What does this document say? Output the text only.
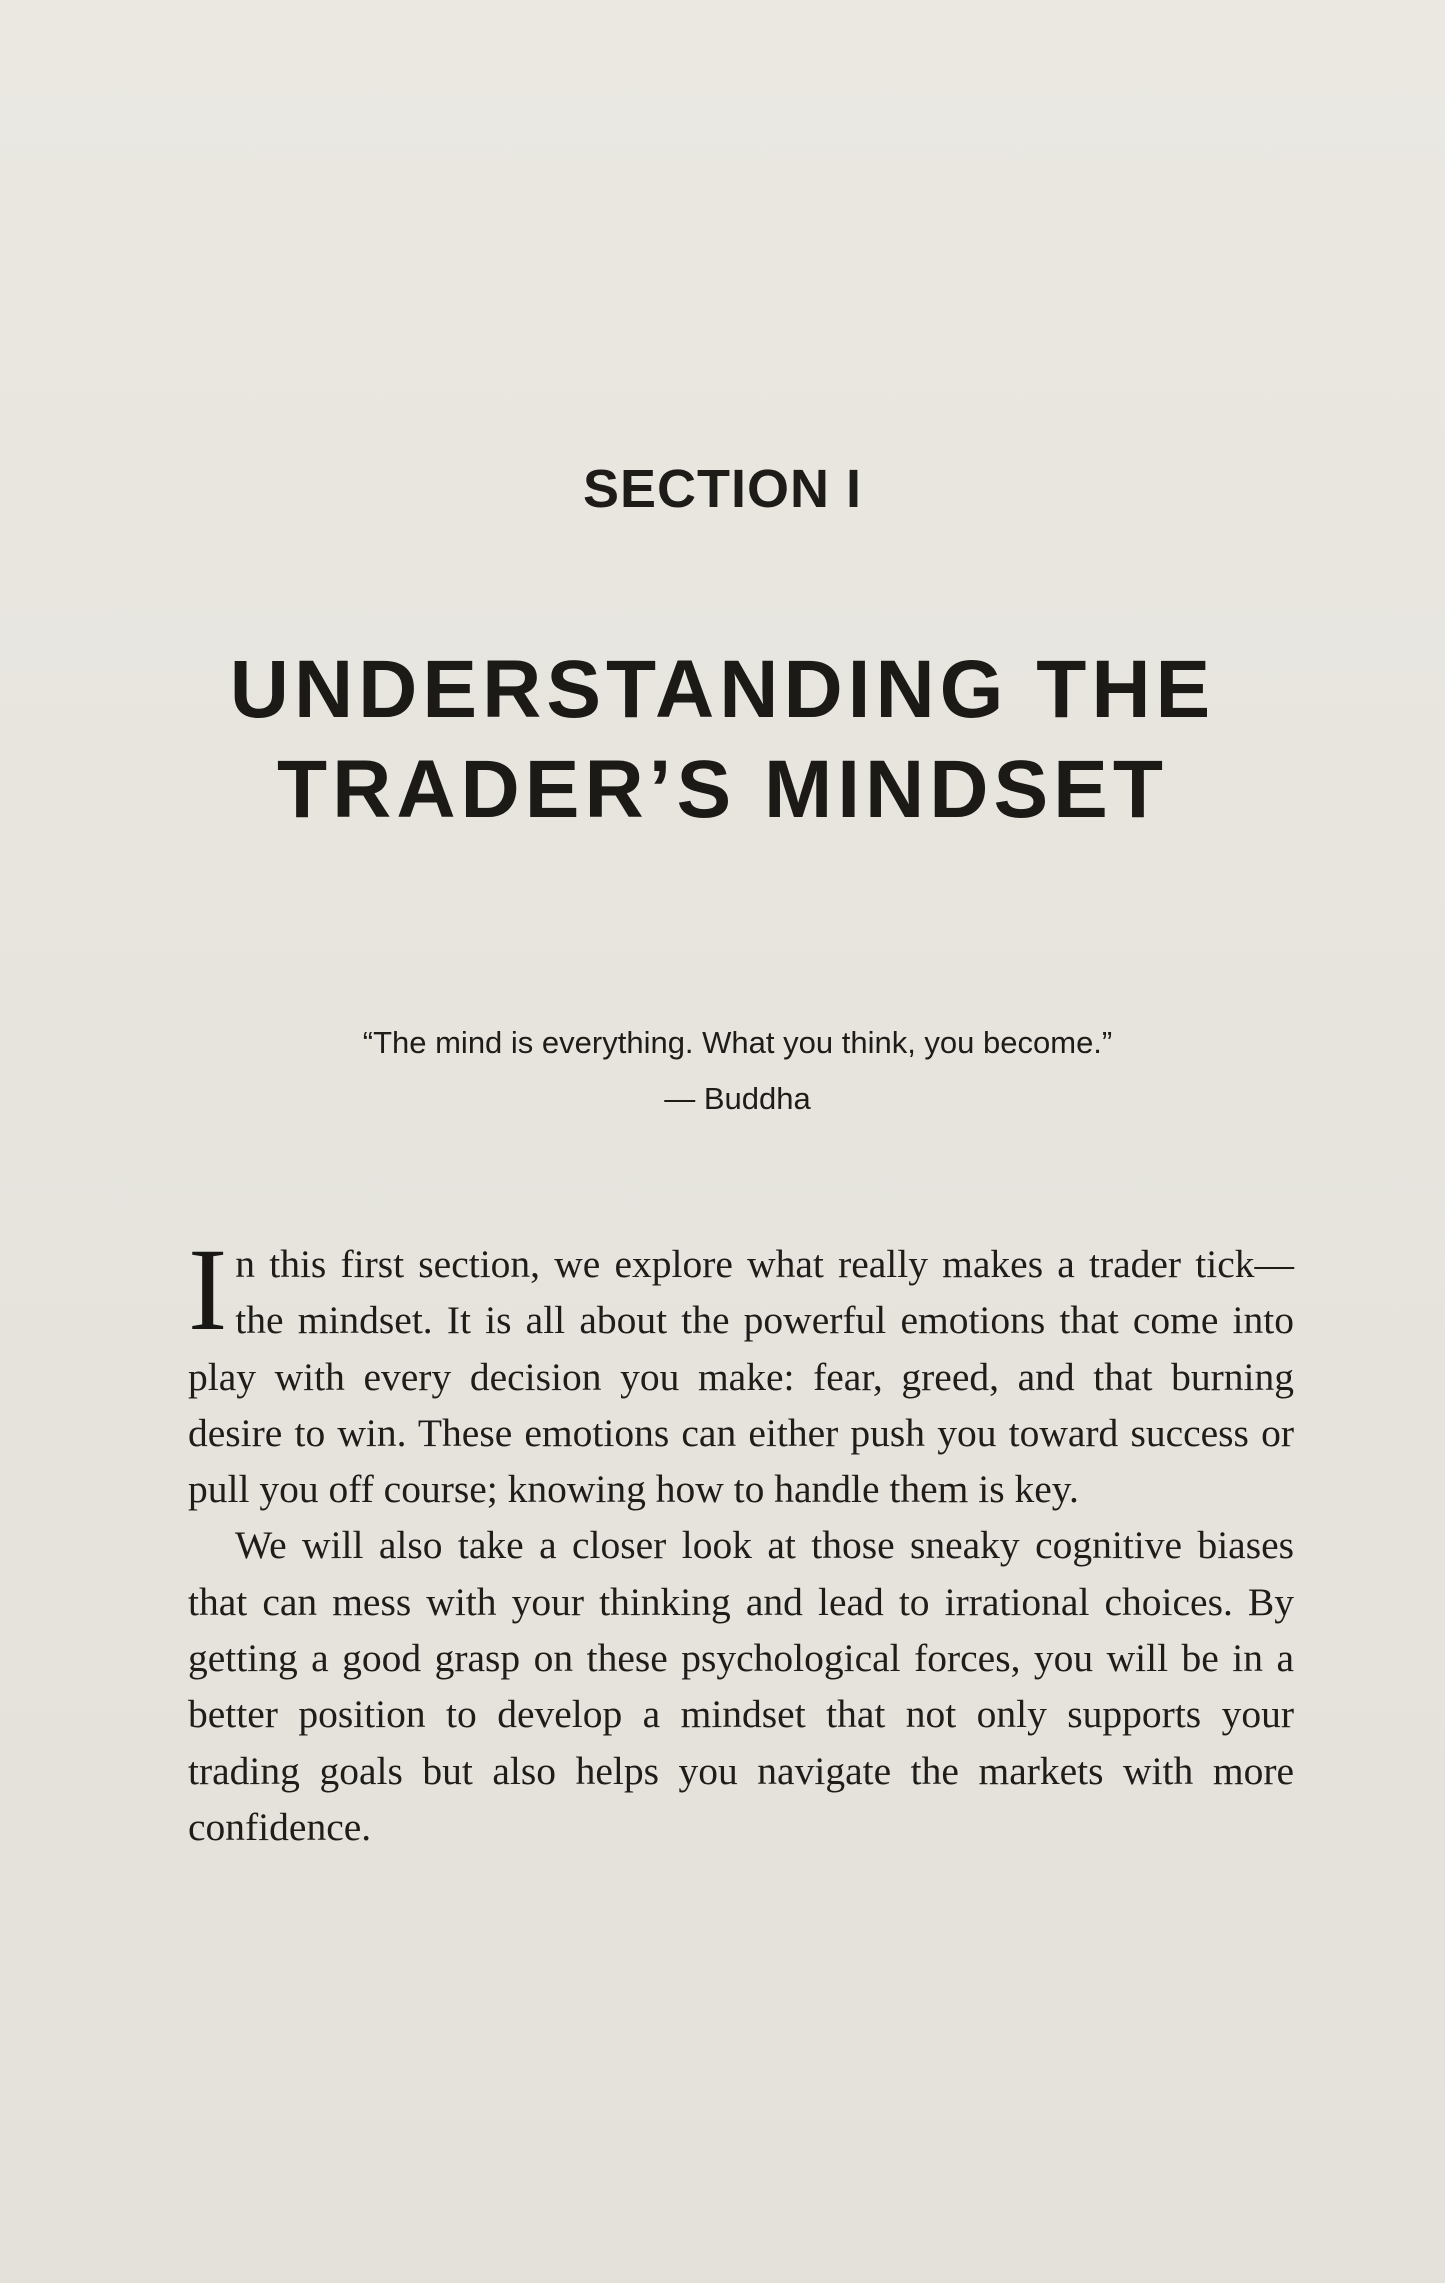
SECTION I
UNDERSTANDING THE
TRADER’S MINDSET
“The mind is everything. What you think, you become.”
— Buddha

In this first section, we explore what really makes a trader tick—the mindset. It is all about the powerful emotions that come into play with every decision you make: fear, greed, and that burning desire to win. These emotions can either push you toward success or pull you off course; knowing how to handle them is key.

We will also take a closer look at those sneaky cognitive biases that can mess with your thinking and lead to irrational choices. By getting a good grasp on these psychological forces, you will be in a better position to develop a mindset that not only supports your trading goals but also helps you navigate the markets with more confidence.
